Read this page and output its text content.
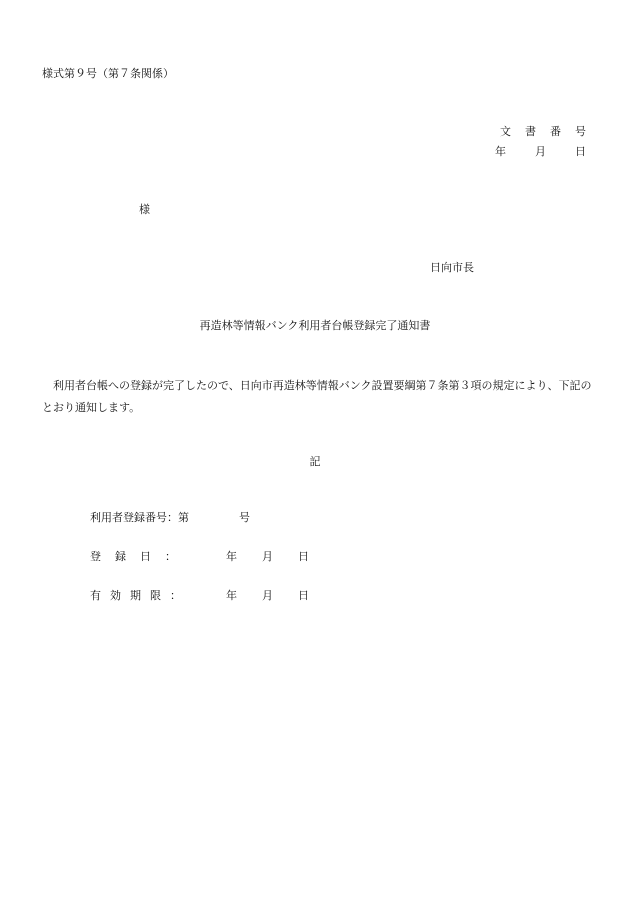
様式第９号（第７条関係）
文書番号
年	月	日
様
日向市長
再造林等情報バンク利用者台帳登録完了通知書
利用者台帳への登録が完了したので、日向市再造林等情報バンク設置要綱第７条第３項の規定により、下記のとおり通知します。
記
利用者登録番号：第	号
登録日：	年 月 日
有効期限：	年 月 日
